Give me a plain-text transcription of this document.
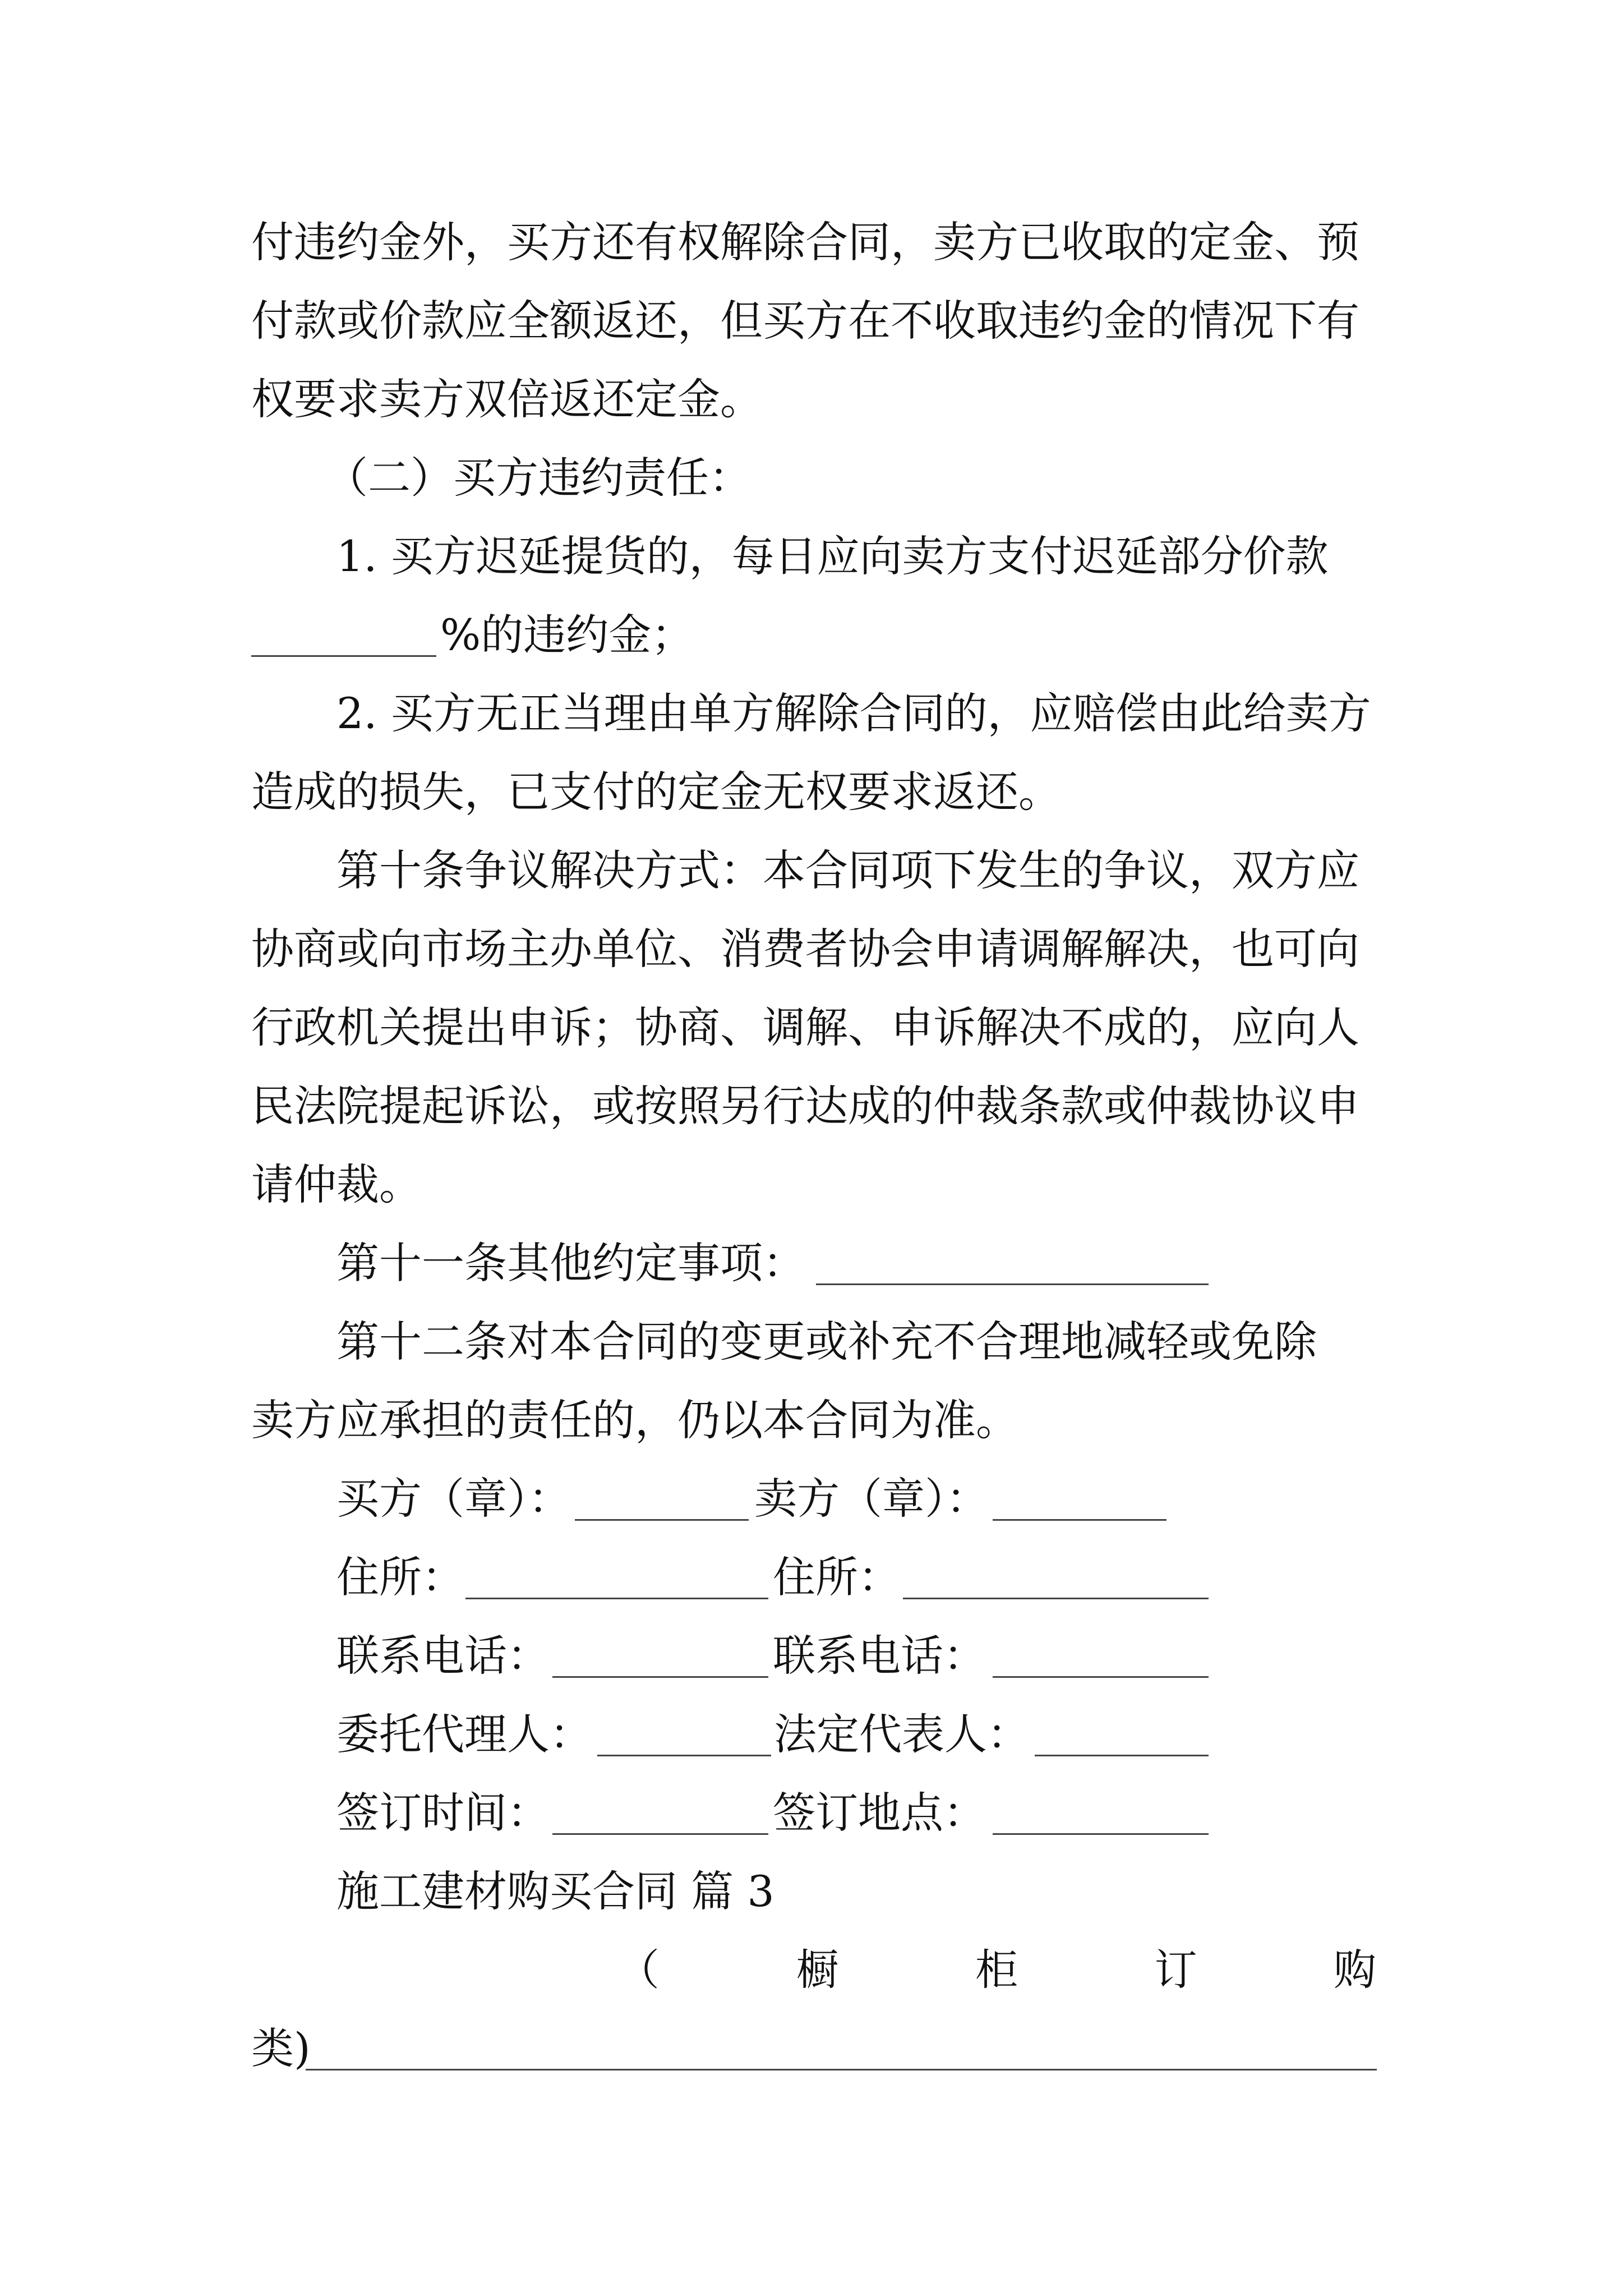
付违约金外，买方还有权解除合同，卖方已收取的定金、预
付款或价款应全额返还，但买方在不收取违约金的情况下有
权要求卖方双倍返还定金。
（二）买方违约责任：
1. 买方迟延提货的，每日应向卖方支付迟延部分价款
%的违约金；
2. 买方无正当理由单方解除合同的，应赔偿由此给卖方
造成的损失，已支付的定金无权要求返还。
第十条争议解决方式：本合同项下发生的争议，双方应
协商或向市场主办单位、消费者协会申请调解解决，也可向
行政机关提出申诉；协商、调解、申诉解决不成的，应向人
民法院提起诉讼，或按照另行达成的仲裁条款或仲裁协议申
请仲裁。
第十一条其他约定事项：
第十二条对本合同的变更或补充不合理地减轻或免除
卖方应承担的责任的，仍以本合同为准。
买方（章）：	卖方（章）：
住所：	住所：
联系电话：	联系电话：
委托代理人：	法定代表人：
签订时间：	签订地点：
施工建材购买合同 篇 3
（	橱	柜	订	购
类)
